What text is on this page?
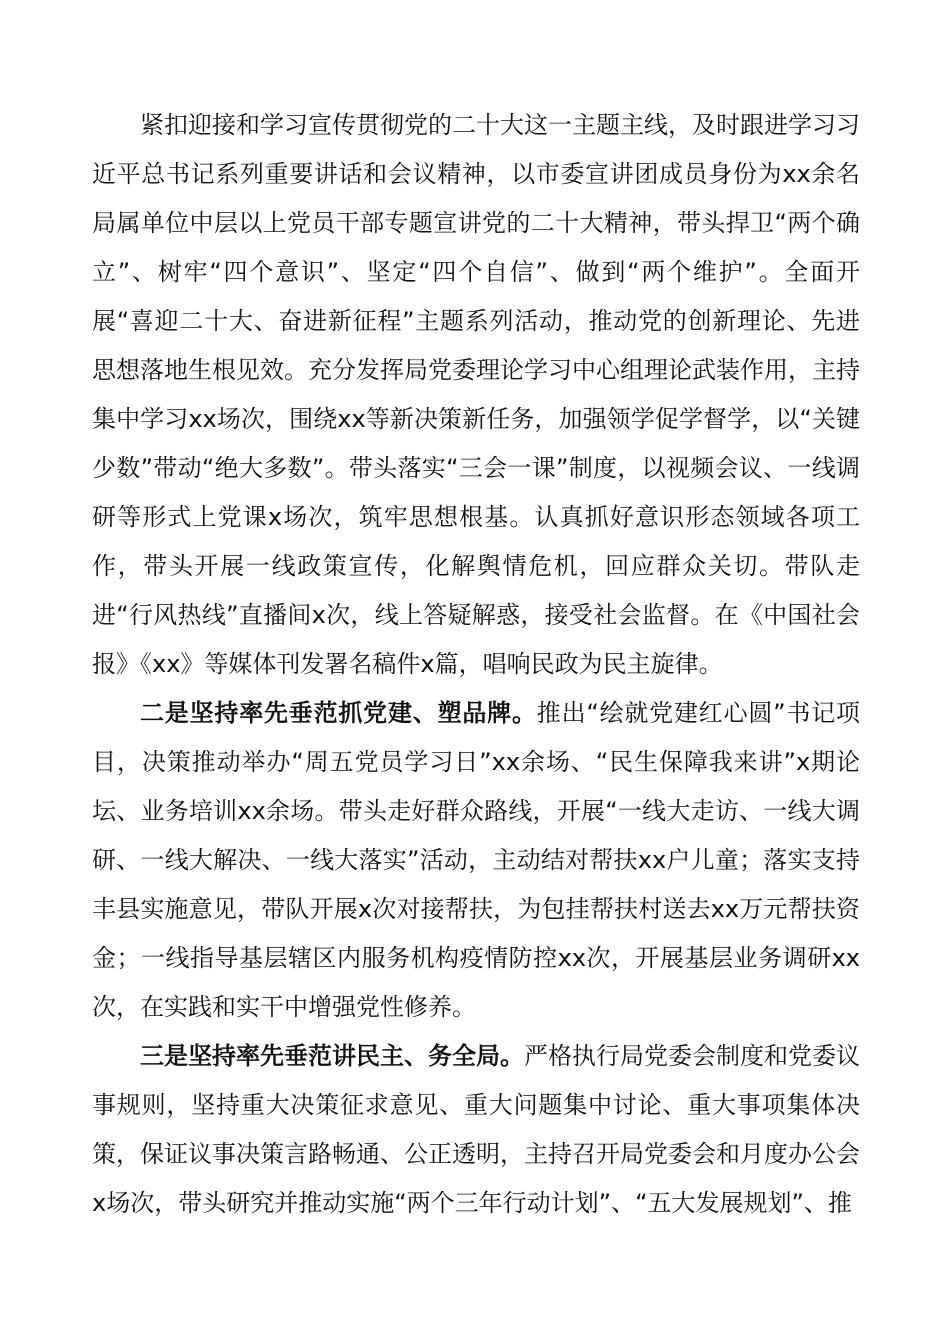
紧扣迎接和学习宣传贯彻党的二十大这一主题主线，及时跟进学习习近平总书记系列重要讲话和会议精神，以市委宣讲团成员身份为xx余名局属单位中层以上党员干部专题宣讲党的二十大精神，带头捍卫“两个确立”、树牢“四个意识”、坚定“四个自信”、做到“两个维护”。全面开展“喜迎二十大、奋进新征程”主题系列活动，推动党的创新理论、先进思想落地生根见效。充分发挥局党委理论学习中心组理论武装作用，主持集中学习xx场次，围绕xx等新决策新任务，加强领学促学督学，以“关键少数”带动“绝大多数”。带头落实“三会一课”制度，以视频会议、一线调研等形式上党课x场次，筑牢思想根基。认真抓好意识形态领域各项工作，带头开展一线政策宣传，化解舆情危机，回应群众关切。带队走进“行风热线”直播间x次，线上答疑解惑，接受社会监督。在《中国社会报》《xx》等媒体刊发署名稿件x篇，唱响民政为民主旋律。

二是坚持率先垂范抓党建、塑品牌。推出“绘就党建红心圆”书记项目，决策推动举办“周五党员学习日”xx余场、“民生保障我来讲”x期论坛、业务培训xx余场。带头走好群众路线，开展“一线大走访、一线大调研、一线大解决、一线大落实”活动，主动结对帮扶xx户儿童；落实支持丰县实施意见，带队开展x次对接帮扶，为包挂帮扶村送去xx万元帮扶资金；一线指导基层辖区内服务机构疫情防控xx次，开展基层业务调研xx次，在实践和实干中增强党性修养。

三是坚持率先垂范讲民主、务全局。严格执行局党委会制度和党委议事规则，坚持重大决策征求意见、重大问题集中讨论、重大事项集体决策，保证议事决策言路畅通、公正透明，主持召开局党委会和月度办公会x场次，带头研究并推动实施“两个三年行动计划”、“五大发展规划”、推
